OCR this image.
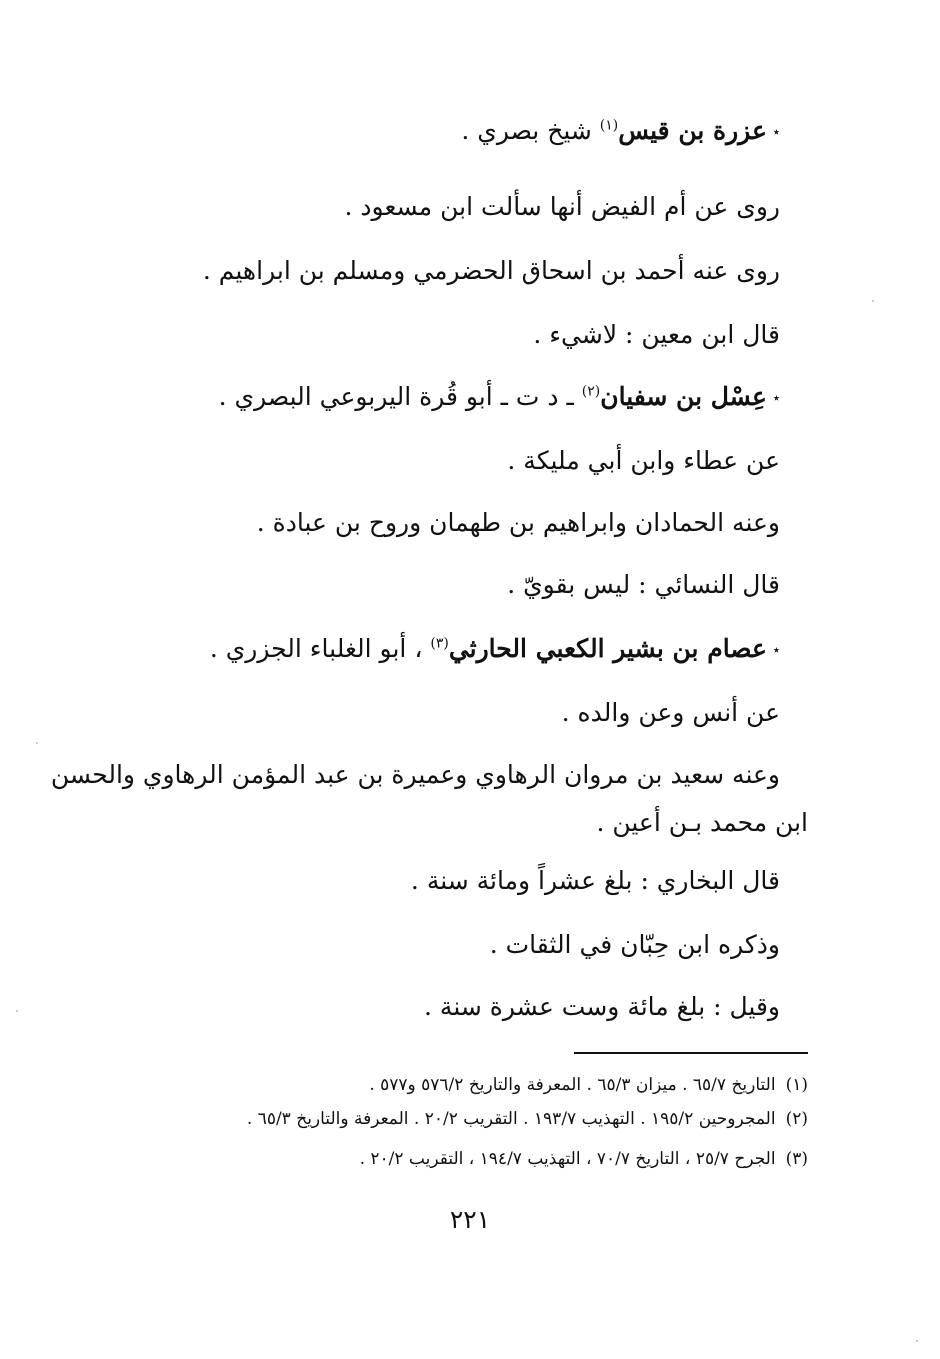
٭عزرة بن قيس$^{(١)}$ شيخ بصري .
روى عن أم الفيض أنها سألت ابن مسعود .
روى عنه أحمد بن اسحاق الحضرمي ومسلم بن ابراهيم .
قال ابن معين : لاشيء .
٭عِسْل بن سفيان$^{(٢)}$ ـ د ت ـ أبو قُرة اليربوعي البصري .
عن عطاء وابن أبي مليكة .
وعنه الحمادان وابراهيم بن طهمان وروح بن عبادة .
قال النسائي : ليس بقويّ .
٭عصام بن بشير الكعبي الحارثي$^{(٣)}$ ، أبو الغلباء الجزري .
عن أنس وعن والده .
وعنه سعيد بن مروان الرهاوي وعميرة بن عبد المؤمن الرهاوي والحسن
ابن محمد بـن أعين .
قال البخاري : بلغ عشراً ومائة سنة .
وذكره ابن حِبّان في الثقات .
وقيل : بلغ مائة وست عشرة سنة .
(١)التاريخ ٦٥/٧ . ميزان ٦٥/٣ . المعرفة والتاريخ ٥٧٦/٢ و٥٧٧ .
(٢)المجروحين ١٩٥/٢ . التهذيب ١٩٣/٧ . التقريب ٢٠/٢ . المعرفة والتاريخ ٦٥/٣ .
(٣)الجرح ٢٥/٧ ، التاريخ ٧٠/٧ ، التهذيب ١٩٤/٧ ، التقريب ٢٠/٢ .
٢٢١
